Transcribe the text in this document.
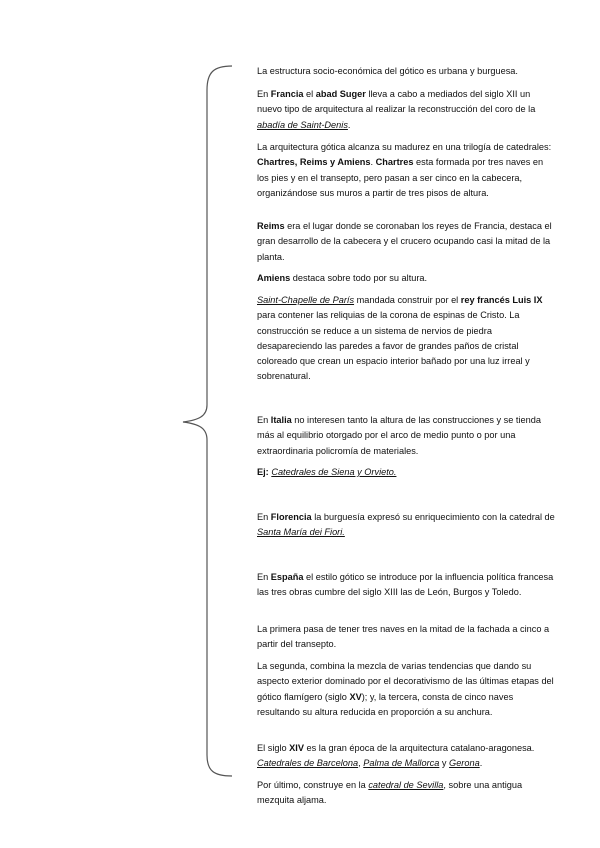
La estructura socio-económica del gótico es urbana y burguesa.

En Francia el abad Suger lleva a cabo a mediados del siglo XII un nuevo tipo de arquitectura al realizar la reconstrucción del coro de la abadía de Saint-Denis.

La arquitectura gótica alcanza su madurez en una trilogía de catedrales: Chartres, Reims y Amiens. Chartres esta formada por tres naves en los pies y en el transepto, pero pasan a ser cinco en la cabecera, organizándose sus muros a partir de tres pisos de altura.

Reims era el lugar donde se coronaban los reyes de Francia, destaca el gran desarrollo de la cabecera y el crucero ocupando casi la mitad de la planta.

Amiens destaca sobre todo por su altura.

Saint-Chapelle de París mandada construir por el rey francés Luis IX para contener las reliquias de la corona de espinas de Cristo. La construcción se reduce a un sistema de nervios de piedra desapareciendo las paredes a favor de grandes paños de cristal coloreado que crean un espacio interior bañado por una luz irreal y sobrenatural.

En Italia no interesen tanto la altura de las construcciones y se tienda más al equilibrio otorgado por el arco de medio punto o por una extraordinaria policromía de materiales.

Ej: Catedrales de Siena y Orvieto.

En Florencia la burguesía expresó su enriquecimiento con la catedral de Santa María dei Fiori.

En España el estilo gótico se introduce por la influencia política francesa las tres obras cumbre del siglo XIII las de León, Burgos y Toledo.

La primera pasa de tener tres naves en la mitad de la fachada a cinco a partir del transepto.

La segunda, combina la mezcla de varias tendencias que dando su aspecto exterior dominado por el decorativismo de las últimas etapas del gótico flamígero (siglo XV); y, la tercera, consta de cinco naves resultando su altura reducida en proporción a su anchura.

El siglo XIV es la gran época de la arquitectura catalano-aragonesa. Catedrales de Barcelona, Palma de Mallorca y Gerona.

Por último, construye en la catedral de Sevilla, sobre una antigua mezquita aljama.
